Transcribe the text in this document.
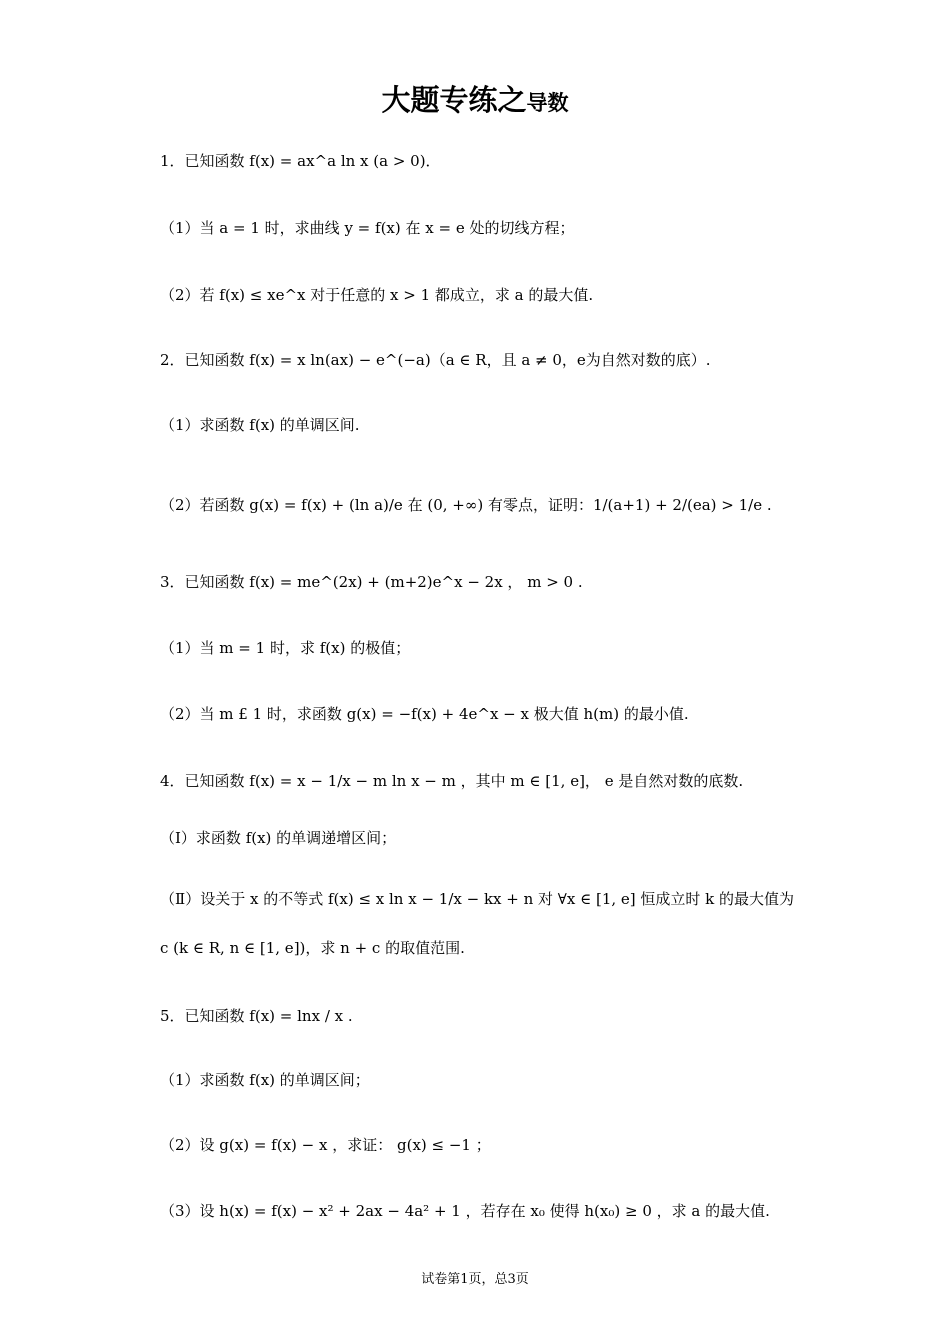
大题专练之导数
1．已知函数 f(x) = ax^a ln x (a > 0)．
（1）当 a = 1 时，求曲线 y = f(x) 在 x = e 处的切线方程；
（2）若 f(x) ≤ xe^x 对于任意的 x > 1 都成立，求 a 的最大值.
2．已知函数 f(x) = x ln(ax) − e^(−a)（a ∈ R，且 a ≠ 0，e为自然对数的底）.
（1）求函数 f(x) 的单调区间.
（2）若函数 g(x) = f(x) + (ln a)/e 在 (0, +∞) 有零点，证明：1/(a+1) + 2/(ea) > 1/e .
3．已知函数 f(x) = me^(2x) + (m+2)e^x − 2x ， m > 0 .
（1）当 m = 1 时，求 f(x) 的极值；
（2）当 m £ 1 时，求函数 g(x) = −f(x) + 4e^x − x 极大值 h(m) 的最小值.
4．已知函数 f(x) = x − 1/x − m ln x − m ，其中 m ∈ [1, e]， e 是自然对数的底数.
（Ⅰ）求函数 f(x) 的单调递增区间；
（Ⅱ）设关于 x 的不等式 f(x) ≤ x ln x − 1/x − kx + n 对 ∀x ∈ [1, e] 恒成立时 k 的最大值为
c (k ∈ R, n ∈ [1, e])，求 n + c 的取值范围.
5．已知函数 f(x) = lnx / x .
（1）求函数 f(x) 的单调区间；
（2）设 g(x) = f(x) − x ，求证： g(x) ≤ −1 ；
（3）设 h(x) = f(x) − x² + 2ax − 4a² + 1 ，若存在 x₀ 使得 h(x₀) ≥ 0 ，求 a 的最大值.
试卷第1页，总3页
